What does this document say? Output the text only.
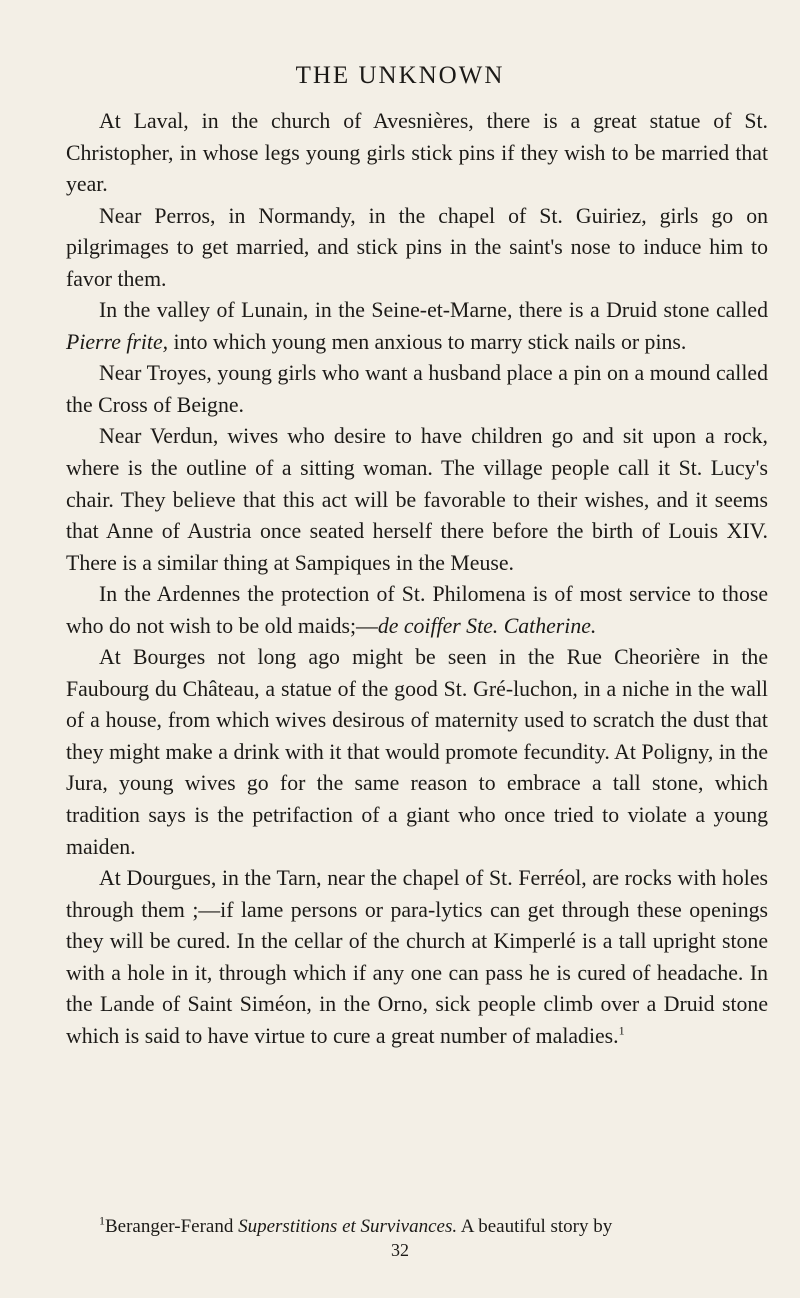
THE UNKNOWN

At Laval, in the church of Avesnières, there is a great statue of St. Christopher, in whose legs young girls stick pins if they wish to be married that year.

Near Perros, in Normandy, in the chapel of St. Guiriez, girls go on pilgrimages to get married, and stick pins in the saint's nose to induce him to favor them.

In the valley of Lunain, in the Seine-et-Marne, there is a Druid stone called Pierre frite, into which young men anxious to marry stick nails or pins.

Near Troyes, young girls who want a husband place a pin on a mound called the Cross of Beigne.

Near Verdun, wives who desire to have children go and sit upon a rock, where is the outline of a sitting woman. The village people call it St. Lucy's chair. They believe that this act will be favorable to their wishes, and it seems that Anne of Austria once seated herself there before the birth of Louis XIV. There is a similar thing at Sampiques in the Meuse.

In the Ardennes the protection of St. Philomena is of most service to those who do not wish to be old maids;—de coiffer Ste. Catherine.

At Bourges not long ago might be seen in the Rue Cheorière in the Faubourg du Château, a statue of the good St. Gré-luchon, in a niche in the wall of a house, from which wives desirous of maternity used to scratch the dust that they might make a drink with it that would promote fecundity. At Poligny, in the Jura, young wives go for the same reason to embrace a tall stone, which tradition says is the petrifaction of a giant who once tried to violate a young maiden.

At Dourgues, in the Tarn, near the chapel of St. Ferréol, are rocks with holes through them ;—if lame persons or para-lytics can get through these openings they will be cured. In the cellar of the church at Kimperlé is a tall upright stone with a hole in it, through which if any one can pass he is cured of headache. In the Lande of Saint Siméon, in the Orno, sick people climb over a Druid stone which is said to have virtue to cure a great number of maladies.$^1$

$^1$Beranger-Ferand Superstitions et Survivances. A beautiful story by
32
